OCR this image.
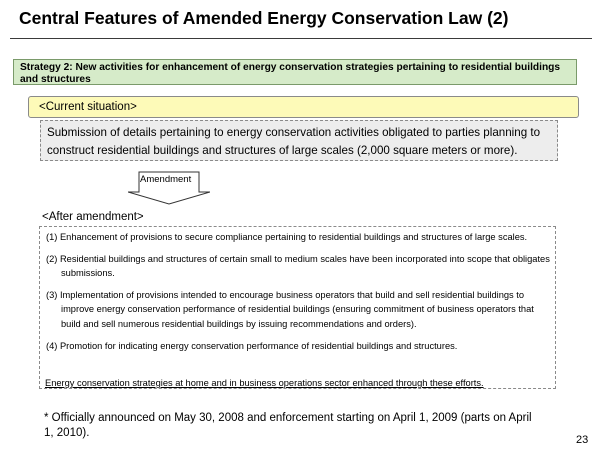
Central Features of Amended Energy Conservation Law (2)
Strategy 2: New activities for enhancement of energy conservation strategies pertaining to residential buildings and structures
<Current situation>
Submission of details pertaining to energy conservation activities obligated to parties planning to construct residential buildings and structures of large scales (2,000 square meters or more).
Amendment
<After amendment>
(1) Enhancement of provisions to secure compliance pertaining to residential buildings and structures of large scales.
(2) Residential buildings and structures of certain small to medium scales have been incorporated into scope that obligates submissions.
(3) Implementation of provisions intended to encourage business operators that build and sell residential buildings to improve energy conservation performance of residential buildings (ensuring commitment of business operators that build and sell numerous residential buildings by issuing recommendations and orders).
(4) Promotion for indicating energy conservation performance of residential buildings and structures.
Energy conservation strategies at home and in business operations sector enhanced through these efforts.
* Officially announced on May 30, 2008 and enforcement starting on April 1, 2009 (parts on April 1, 2010).
23
